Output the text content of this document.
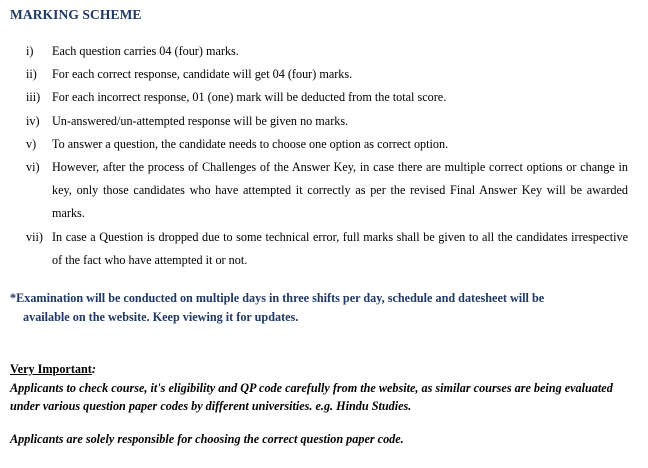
MARKING SCHEME
i)	Each question carries 04 (four) marks.
ii)	For each correct response, candidate will get 04 (four) marks.
iii) For each incorrect response, 01 (one) mark will be deducted from the total score.
iv)	Un-answered/un-attempted response will be given no marks.
v)	To answer a question, the candidate needs to choose one option as correct option.
vi)	However, after the process of Challenges of the Answer Key, in case there are multiple correct options or change in key, only those candidates who have attempted it correctly as per the revised Final Answer Key will be awarded marks.
vii) In case a Question is dropped due to some technical error, full marks shall be given to all the candidates irrespective of the fact who have attempted it or not.
*Examination will be conducted on multiple days in three shifts per day, schedule and datesheet will be
available on the website. Keep viewing it for updates.
Very Important:
Applicants to check course, it's eligibility and QP code carefully from the website, as similar courses are being evaluated under various question paper codes by different universities. e.g. Hindu Studies.
Applicants are solely responsible for choosing the correct question paper code.
